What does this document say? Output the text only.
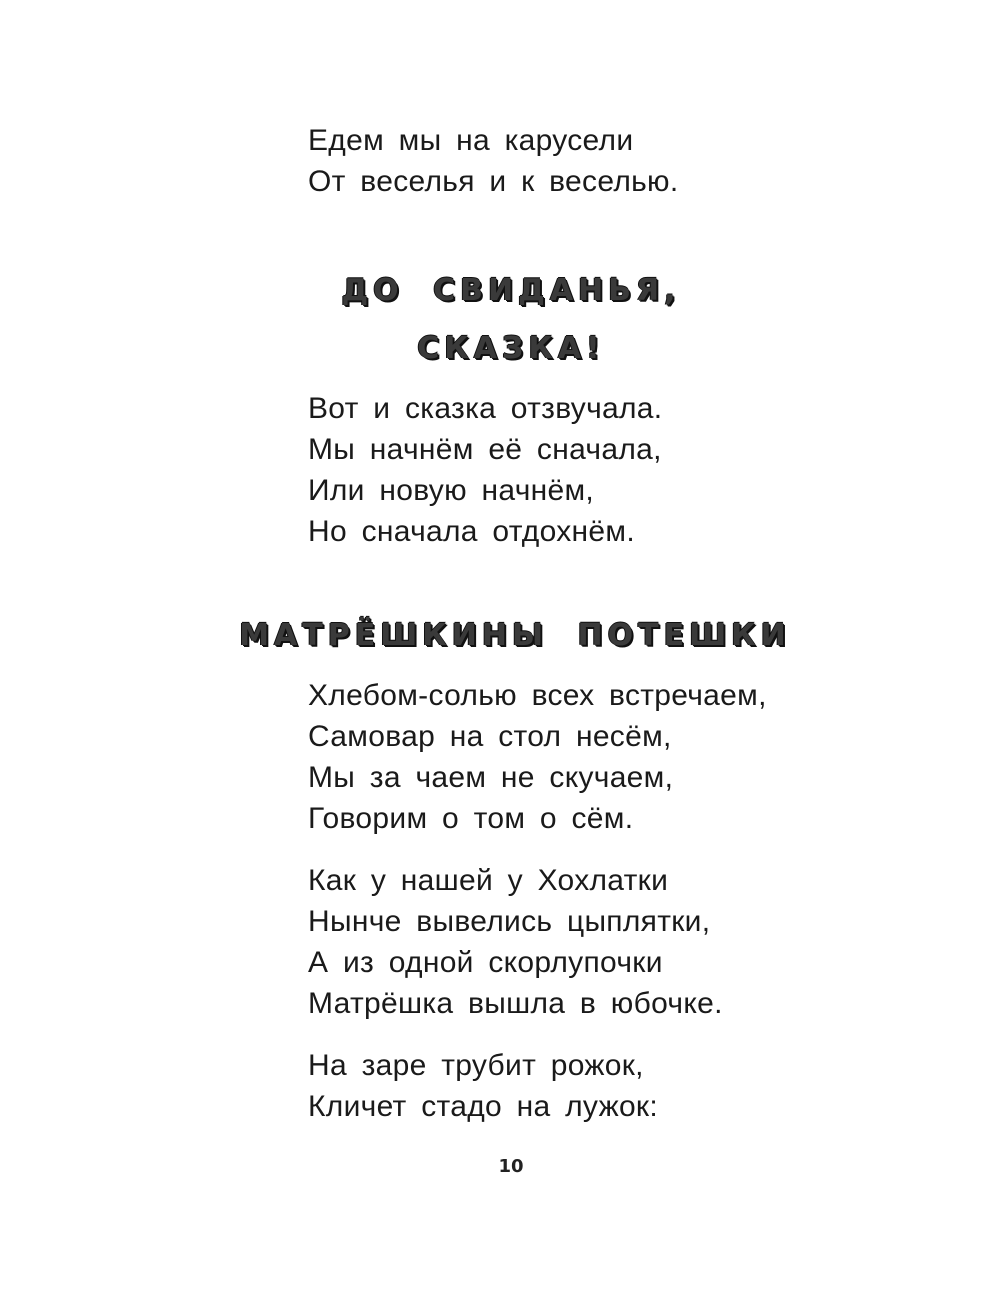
Едем мы на карусели
От веселья и к веселью.
ДО СВИДАНЬЯ,
СКАЗКА!
Вот и сказка отзвучала.
Мы начнём её сначала,
Или новую начнём,
Но сначала отдохнём.
МАТРЁШКИНЫ ПОТЕШКИ
Хлебом-солью всех встречаем,
Самовар на стол несём,
Мы за чаем не скучаем,
Говорим о том о сём.
Как у нашей у Хохлатки
Нынче вывелись цыплятки,
А из одной скорлупочки
Матрёшка вышла в юбочке.
На заре трубит рожок,
Кличет стадо на лужок:
10
